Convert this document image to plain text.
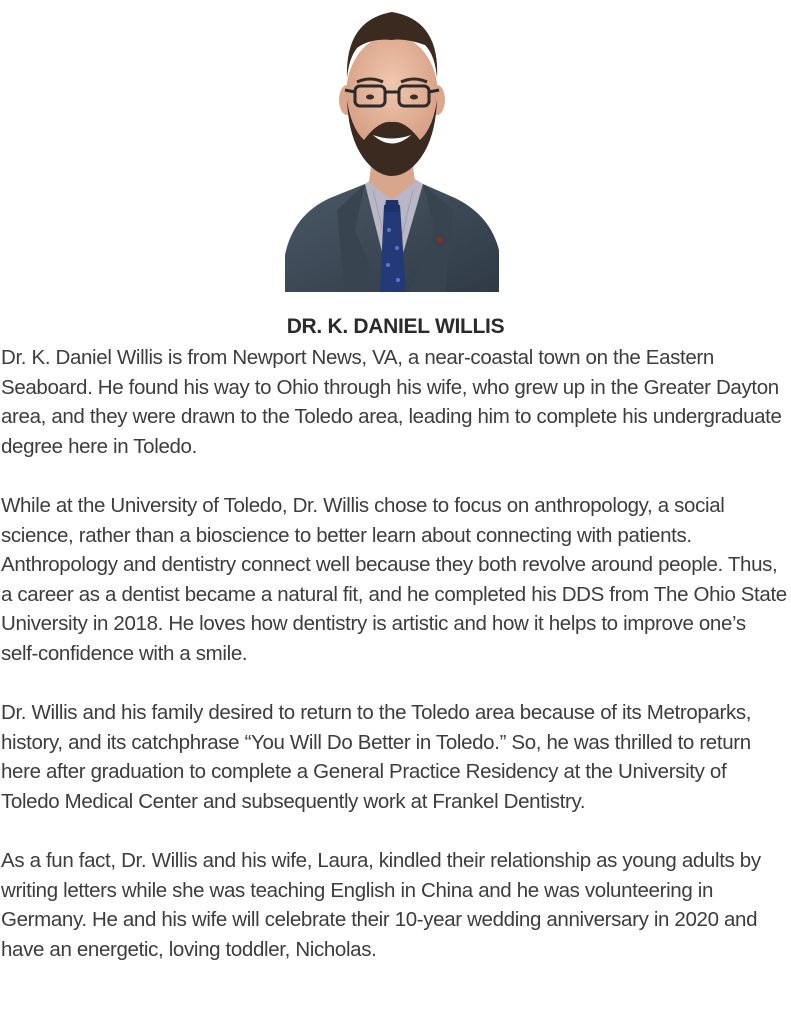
DR. K. DANIEL WILLIS

Dr. K. Daniel Willis is from Newport News, VA, a near-coastal town on the Eastern Seaboard. He found his way to Ohio through his wife, who grew up in the Greater Dayton area, and they were drawn to the Toledo area, leading him to complete his undergraduate degree here in Toledo.

While at the University of Toledo, Dr. Willis chose to focus on anthropology, a social science, rather than a bioscience to better learn about connecting with patients. Anthropology and dentistry connect well because they both revolve around people. Thus, a career as a dentist became a natural fit, and he completed his DDS from The Ohio State University in 2018. He loves how dentistry is artistic and how it helps to improve one’s self-confidence with a smile.

Dr. Willis and his family desired to return to the Toledo area because of its Metroparks, history, and its catchphrase “You Will Do Better in Toledo.” So, he was thrilled to return here after graduation to complete a General Practice Residency at the University of Toledo Medical Center and subsequently work at Frankel Dentistry.

As a fun fact, Dr. Willis and his wife, Laura, kindled their relationship as young adults by writing letters while she was teaching English in China and he was volunteering in Germany. He and his wife will celebrate their 10-year wedding anniversary in 2020 and have an energetic, loving toddler, Nicholas.
